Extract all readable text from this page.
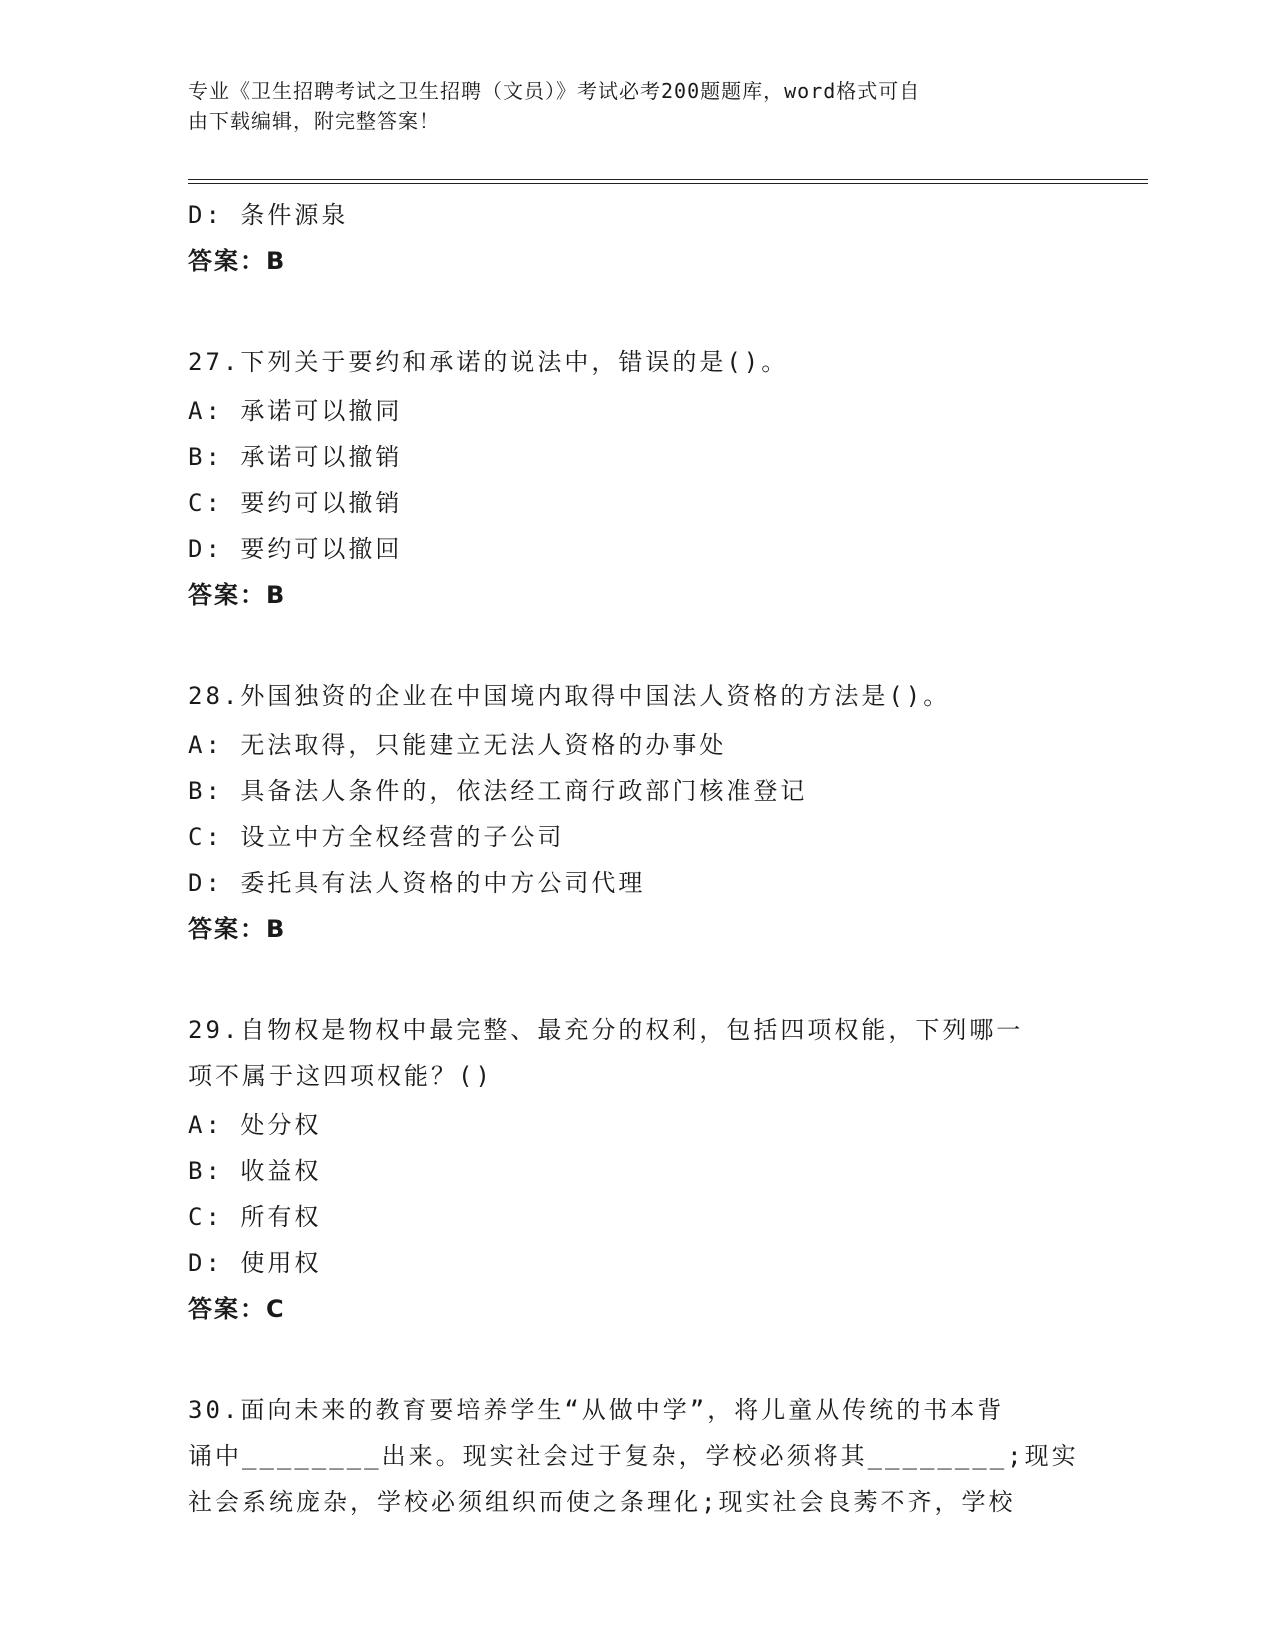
专业《卫生招聘考试之卫生招聘（文员）》考试必考200题题库，word格式可自
由下载编辑，附完整答案！
D: 条件源泉
答案：B
27.下列关于要约和承诺的说法中，错误的是()。
A: 承诺可以撤同
B: 承诺可以撤销
C: 要约可以撤销
D: 要约可以撤回
答案：B
28.外国独资的企业在中国境内取得中国法人资格的方法是()。
A: 无法取得，只能建立无法人资格的办事处
B: 具备法人条件的，依法经工商行政部门核准登记
C: 设立中方全权经营的子公司
D: 委托具有法人资格的中方公司代理
答案：B
29.自物权是物权中最完整、最充分的权利，包括四项权能，下列哪一
项不属于这四项权能？()
A: 处分权
B: 收益权
C: 所有权
D: 使用权
答案：C
30.面向未来的教育要培养学生“从做中学”，将儿童从传统的书本背
诵中________出来。现实社会过于复杂，学校必须将其________;现实
社会系统庞杂，学校必须组织而使之条理化;现实社会良莠不齐，学校
